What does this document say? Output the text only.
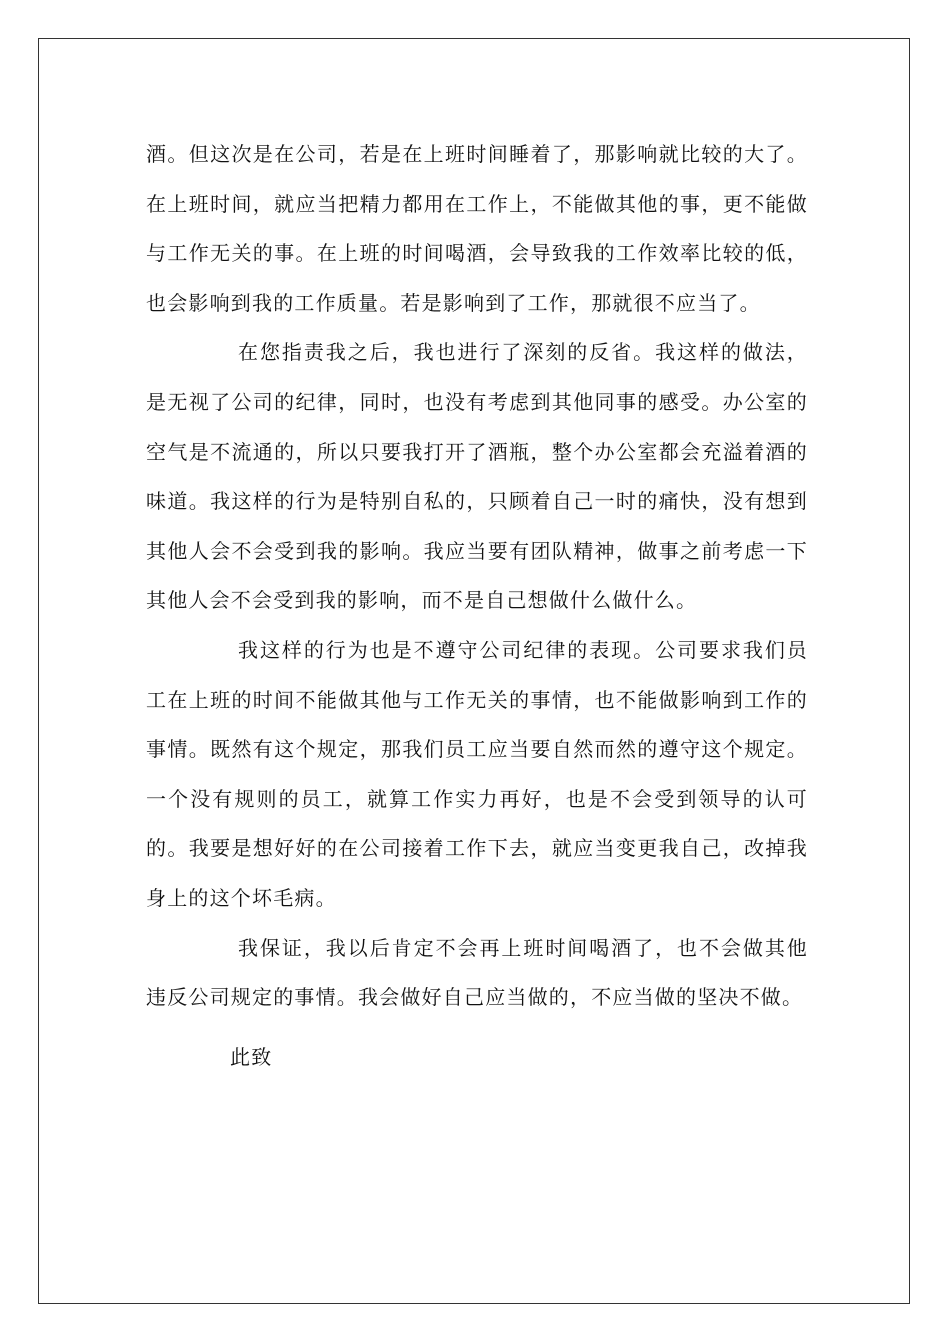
酒。但这次是在公司，若是在上班时间睡着了，那影响就比较的大了。在上班时间，就应当把精力都用在工作上，不能做其他的事，更不能做与工作无关的事。在上班的时间喝酒，会导致我的工作效率比较的低，也会影响到我的工作质量。若是影响到了工作，那就很不应当了。

在您指责我之后，我也进行了深刻的反省。我这样的做法，是无视了公司的纪律，同时，也没有考虑到其他同事的感受。办公室的空气是不流通的，所以只要我打开了酒瓶，整个办公室都会充溢着酒的味道。我这样的行为是特别自私的，只顾着自己一时的痛快，没有想到其他人会不会受到我的影响。我应当要有团队精神，做事之前考虑一下其他人会不会受到我的影响，而不是自己想做什么做什么。

我这样的行为也是不遵守公司纪律的表现。公司要求我们员工在上班的时间不能做其他与工作无关的事情，也不能做影响到工作的事情。既然有这个规定，那我们员工应当要自然而然的遵守这个规定。一个没有规则的员工，就算工作实力再好，也是不会受到领导的认可的。我要是想好好的在公司接着工作下去，就应当变更我自己，改掉我身上的这个坏毛病。

我保证，我以后肯定不会再上班时间喝酒了，也不会做其他违反公司规定的事情。我会做好自己应当做的，不应当做的坚决不做。

此致
